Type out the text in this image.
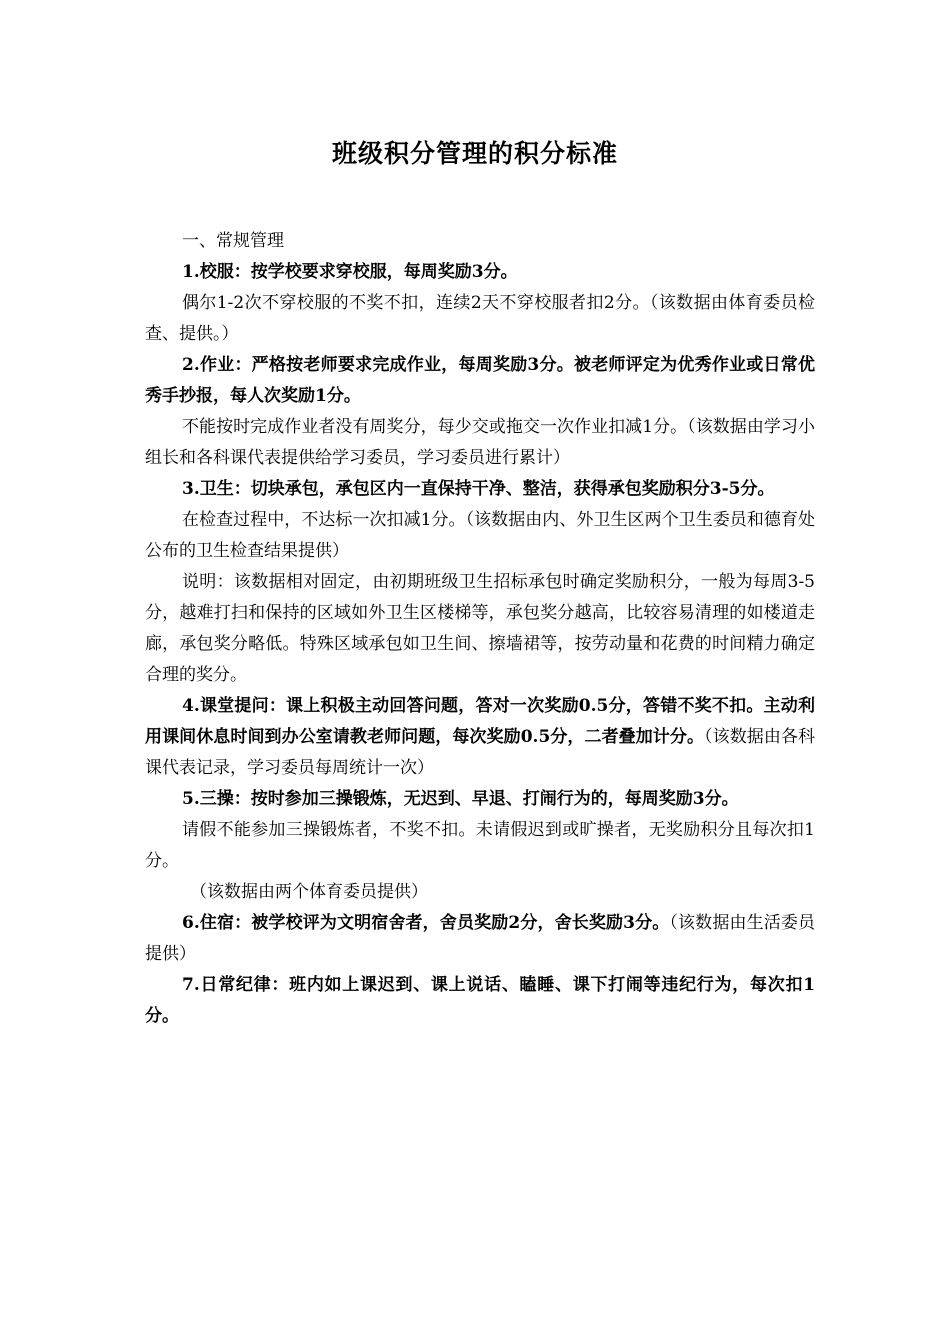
班级积分管理的积分标准

一、常规管理

1.校服：按学校要求穿校服，每周奖励3分。

偶尔1-2次不穿校服的不奖不扣，连续2天不穿校服者扣2分。（该数据由体育委员检查、提供。）

2.作业：严格按老师要求完成作业，每周奖励3分。被老师评定为优秀作业或日常优秀手抄报，每人次奖励1分。

不能按时完成作业者没有周奖分，每少交或拖交一次作业扣减1分。（该数据由学习小组长和各科课代表提供给学习委员，学习委员进行累计）

3.卫生：切块承包，承包区内一直保持干净、整洁，获得承包奖励积分3-5分。

在检查过程中，不达标一次扣减1分。（该数据由内、外卫生区两个卫生委员和德育处公布的卫生检查结果提供）

说明：该数据相对固定，由初期班级卫生招标承包时确定奖励积分，一般为每周3-5分，越难打扫和保持的区域如外卫生区楼梯等，承包奖分越高，比较容易清理的如楼道走廊，承包奖分略低。特殊区域承包如卫生间、擦墙裙等，按劳动量和花费的时间精力确定合理的奖分。

4.课堂提问：课上积极主动回答问题，答对一次奖励0.5分，答错不奖不扣。主动利用课间休息时间到办公室请教老师问题，每次奖励0.5分，二者叠加计分。（该数据由各科课代表记录，学习委员每周统计一次）

5.三操：按时参加三操锻炼，无迟到、早退、打闹行为的，每周奖励3分。

请假不能参加三操锻炼者，不奖不扣。未请假迟到或旷操者，无奖励积分且每次扣1分。

（该数据由两个体育委员提供）

6.住宿：被学校评为文明宿舍者，舍员奖励2分，舍长奖励3分。（该数据由生活委员提供）

7.日常纪律：班内如上课迟到、课上说话、瞌睡、课下打闹等违纪行为，每次扣1分。
